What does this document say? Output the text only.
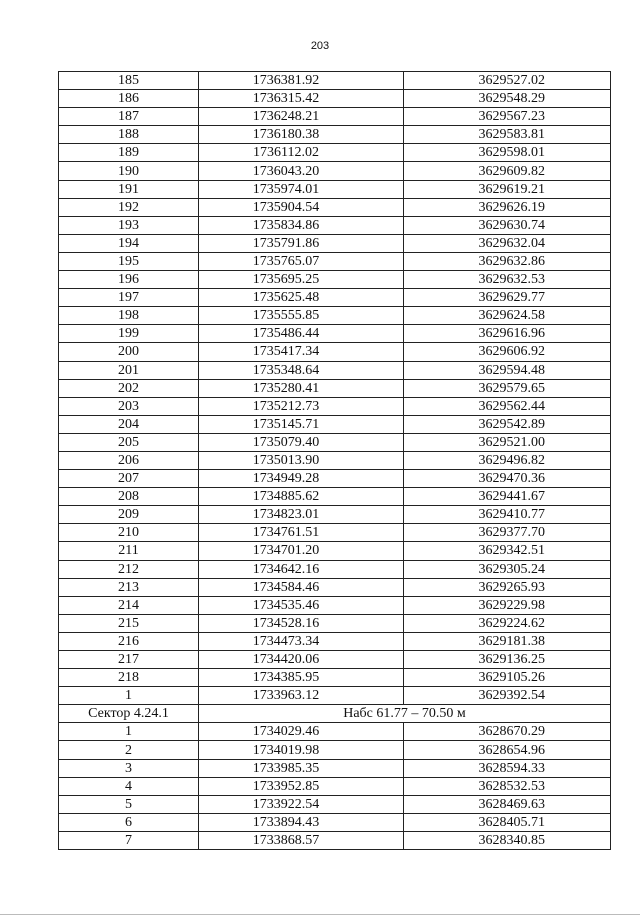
203
185	1736381.92	3629527.02
186	1736315.42	3629548.29
187	1736248.21	3629567.23
188	1736180.38	3629583.81
189	1736112.02	3629598.01
190	1736043.20	3629609.82
191	1735974.01	3629619.21
192	1735904.54	3629626.19
193	1735834.86	3629630.74
194	1735791.86	3629632.04
195	1735765.07	3629632.86
196	1735695.25	3629632.53
197	1735625.48	3629629.77
198	1735555.85	3629624.58
199	1735486.44	3629616.96
200	1735417.34	3629606.92
201	1735348.64	3629594.48
202	1735280.41	3629579.65
203	1735212.73	3629562.44
204	1735145.71	3629542.89
205	1735079.40	3629521.00
206	1735013.90	3629496.82
207	1734949.28	3629470.36
208	1734885.62	3629441.67
209	1734823.01	3629410.77
210	1734761.51	3629377.70
211	1734701.20	3629342.51
212	1734642.16	3629305.24
213	1734584.46	3629265.93
214	1734535.46	3629229.98
215	1734528.16	3629224.62
216	1734473.34	3629181.38
217	1734420.06	3629136.25
218	1734385.95	3629105.26
1	1733963.12	3629392.54
Сектор 4.24.1	Набс 61.77 – 70.50 м	
1	1734029.46	3628670.29
2	1734019.98	3628654.96
3	1733985.35	3628594.33
4	1733952.85	3628532.53
5	1733922.54	3628469.63
6	1733894.43	3628405.71
7	1733868.57	3628340.85
